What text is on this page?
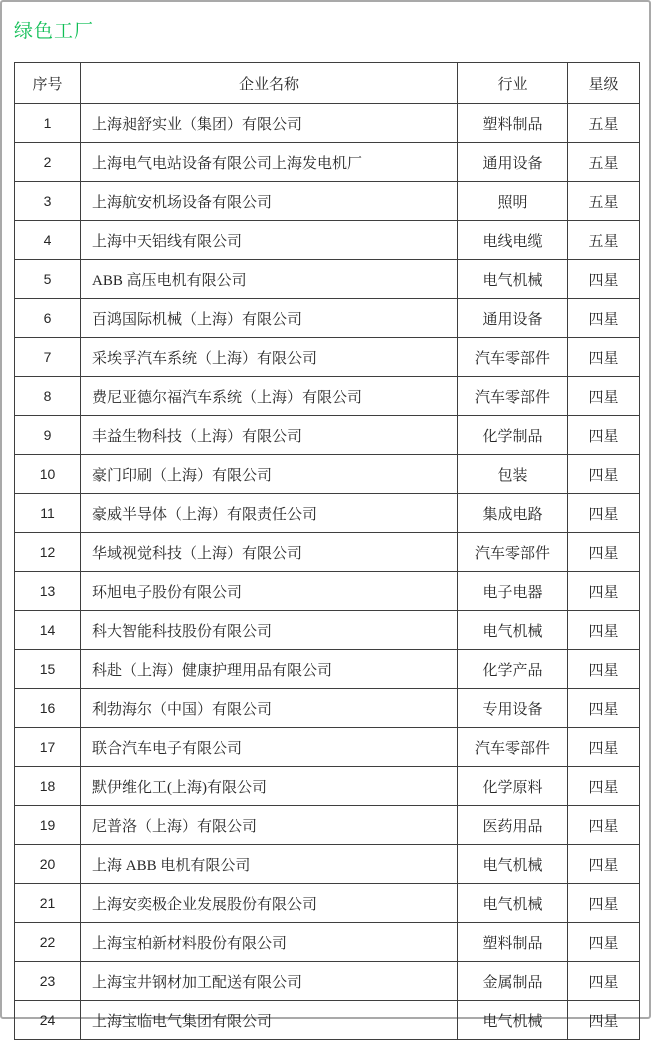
绿色工厂
序号	企业名称	行业	星级
1	上海昶舒实业（集团）有限公司	塑料制品	五星
2	上海电气电站设备有限公司上海发电机厂	通用设备	五星
3	上海航安机场设备有限公司	照明	五星
4	上海中天铝线有限公司	电线电缆	五星
5	ABB 高压电机有限公司	电气机械	四星
6	百鸿国际机械（上海）有限公司	通用设备	四星
7	采埃孚汽车系统（上海）有限公司	汽车零部件	四星
8	费尼亚德尔福汽车系统（上海）有限公司	汽车零部件	四星
9	丰益生物科技（上海）有限公司	化学制品	四星
10	豪门印刷（上海）有限公司	包装	四星
11	豪威半导体（上海）有限责任公司	集成电路	四星
12	华域视觉科技（上海）有限公司	汽车零部件	四星
13	环旭电子股份有限公司	电子电器	四星
14	科大智能科技股份有限公司	电气机械	四星
15	科赴（上海）健康护理用品有限公司	化学产品	四星
16	利勃海尔（中国）有限公司	专用设备	四星
17	联合汽车电子有限公司	汽车零部件	四星
18	默伊维化工(上海)有限公司	化学原料	四星
19	尼普洛（上海）有限公司	医药用品	四星
20	上海 ABB 电机有限公司	电气机械	四星
21	上海安奕极企业发展股份有限公司	电气机械	四星
22	上海宝柏新材料股份有限公司	塑料制品	四星
23	上海宝井钢材加工配送有限公司	金属制品	四星
24	上海宝临电气集团有限公司	电气机械	四星
